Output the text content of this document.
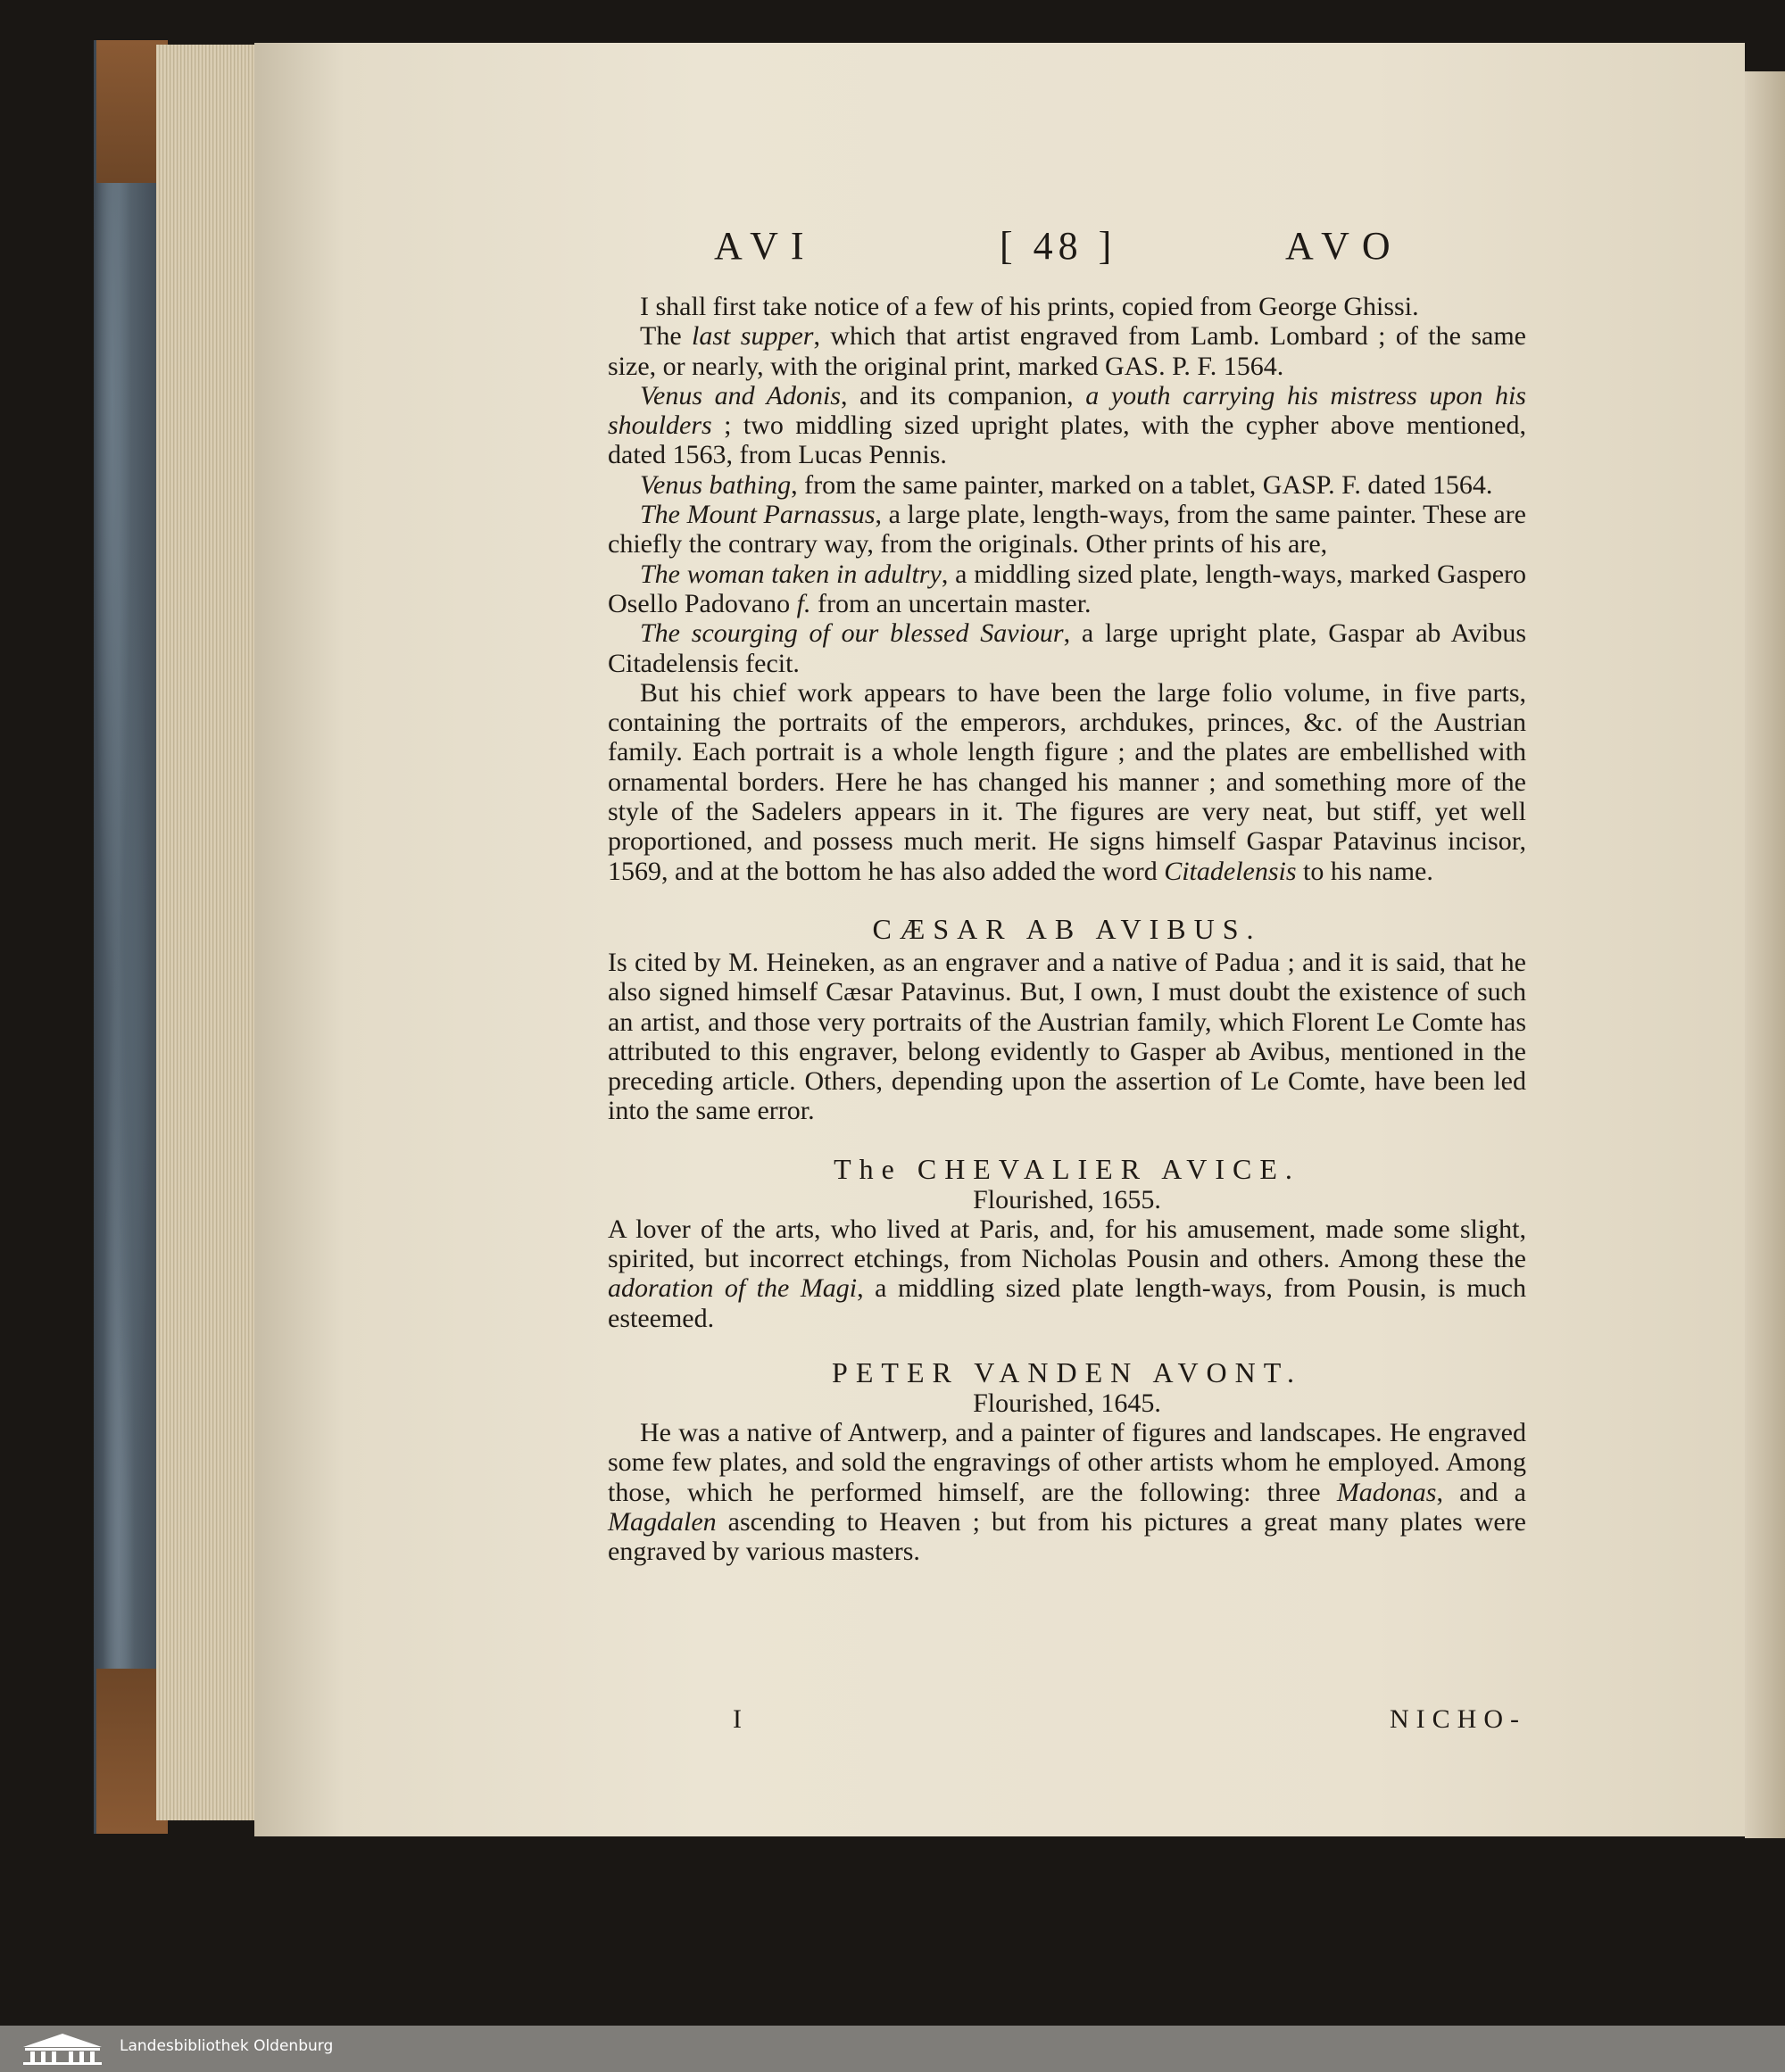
AVI	[ 48 ]	AVO

I shall first take notice of a few of his prints, copied from George Ghissi.

The last supper, which that artist engraved from Lamb. Lombard ; of the same size, or nearly, with the original print, marked GAS. P. F. 1564.

Venus and Adonis, and its companion, a youth carrying his mistress upon his shoulders ; two middling sized upright plates, with the cypher above mentioned, dated 1563, from Lucas Pennis.

Venus bathing, from the same painter, marked on a tablet, GASP. F. dated 1564.

The Mount Parnassus, a large plate, length-ways, from the same painter. These are chiefly the contrary way, from the originals. Other prints of his are,

The woman taken in adultry, a middling sized plate, length-ways, marked Gaspero Osello Padovano f. from an uncertain master.

The scourging of our blessed Saviour, a large upright plate, Gaspar ab Avibus Citadelensis fecit.

But his chief work appears to have been the large folio volume, in five parts, containing the portraits of the emperors, archdukes, princes, &c. of the Austrian family. Each portrait is a whole length figure ; and the plates are embellished with ornamental borders. Here he has changed his manner ; and something more of the style of the Sadelers appears in it. The figures are very neat, but stiff, yet well proportioned, and possess much merit. He signs himself Gaspar Patavinus incisor, 1569, and at the bottom he has also added the word Citadelensis to his name.

CÆSAR AB AVIBUS.

Is cited by M. Heineken, as an engraver and a native of Padua ; and it is said, that he also signed himself Cæsar Patavinus. But, I own, I must doubt the existence of such an artist, and those very portraits of the Austrian family, which Florent Le Comte has attributed to this engraver, belong evidently to Gasper ab Avibus, mentioned in the preceding article. Others, depending upon the assertion of Le Comte, have been led into the same error.

The CHEVALIER AVICE.

Flourished, 1655.

A lover of the arts, who lived at Paris, and, for his amusement, made some slight, spirited, but incorrect etchings, from Nicholas Pousin and others. Among these the adoration of the Magi, a middling sized plate length-ways, from Pousin, is much esteemed.

PETER VANDEN AVONT.

Flourished, 1645.

He was a native of Antwerp, and a painter of figures and landscapes. He engraved some few plates, and sold the engravings of other artists whom he employed. Among those, which he performed himself, are the following: three Madonas, and a Magdalen ascending to Heaven ; but from his pictures a great many plates were engraved by various masters.

I	NICHO-
Landesbibliothek Oldenburg
